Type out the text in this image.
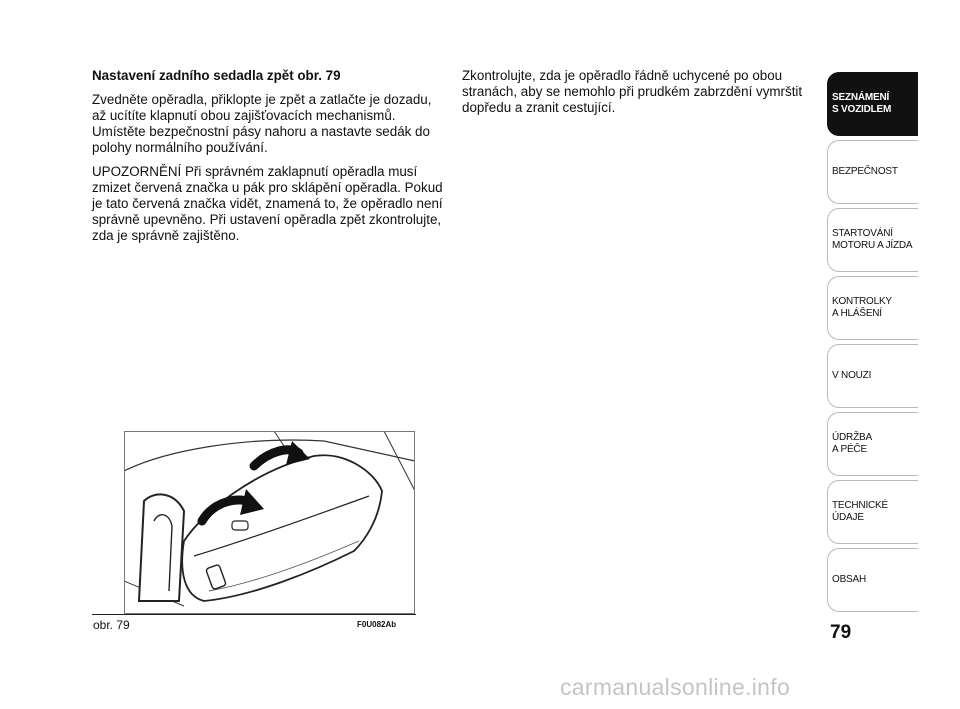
Nastavení zadního sedadla zpět obr. 79

Zvedněte opěradla, přiklopte je zpět a zatlačte je dozadu, až ucítíte klapnutí obou zajišťovacích mechanismů.

Umístěte bezpečnostní pásy nahoru a nastavte sedák do polohy normálního používání.

UPOZORNĚNÍ Při správném zaklapnutí opěradla musí zmizet červená značka u pák pro sklápění opěradla. Pokud je tato červená značka vidět, znamená to, že opěradlo není správně upevněno. Při ustavení opěradla zpět zkontrolujte, zda je správně zajištěno.

Zkontrolujte, zda je opěradlo řádně uchycené po obou stranách, aby se nemohlo při prudkém zabrzdění vymrštit dopředu a zranit cestující.

obr. 79	F0U082Ab
SEZNÁMENÍ
S VOZIDLEM
BEZPEČNOST
STARTOVÁNÍ
MOTORU A JÍZDA
KONTROLKY
A HLÁŠENÍ
V NOUZI
ÚDRŽBA
A PÉČE
TECHNICKÉ
ÚDAJE
OBSAH
79
carmanualsonline.info
